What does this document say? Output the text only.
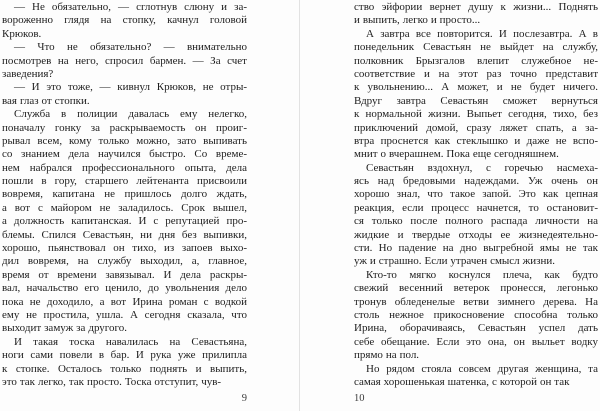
— Не обязательно, — сглотнув слюну и за-
вороженно глядя на стопку, качнул головой
Крюков.
— Что не обязательно? — внимательно
посмотрев на него, спросил бармен. — За счет
заведения?
— И это тоже, — кивнул Крюков, не отры-
вая глаз от стопки.
Служба в полиции давалась ему нелегко,
поначалу гонку за раскрываемость он проиг-
рывал всем, кому только можно, зато выпивать
со знанием дела научился быстро. Со време-
нем набрался профессионального опыта, дела
пошли в гору, старшего лейтенанта присвоили
вовремя, капитана не пришлось долго ждать,
а вот с майором не заладилось. Срок вышел,
а должность капитанская. И с репутацией про-
блемы. Спился Севастьян, ни дня без выпивки,
хорошо, пьянствовал он тихо, из запоев выхо-
дил вовремя, на службу выходил, а, главное,
время от времени завязывал. И дела раскры-
вал, начальство его ценило, до увольнения дело
пока не доходило, а вот Ирина роман с водкой
ему не простила, ушла. А сегодня сказала, что
выходит замуж за другого.
И такая тоска навалилась на Севастьяна,
ноги сами повели в бар. И рука уже прилипла
к стопке. Осталось только поднять и выпить,
это так легко, так просто. Тоска отступит, чув-
9
ство эйфории вернет душу к жизни... Поднять
и выпить, легко и просто...
А завтра все повторится. И послезавтра. А в
понедельник Севастьян не выйдет на службу,
полковник Брызгалов влепит служебное не-
соответствие и на этот раз точно представит
к увольнению... А может, и не будет ничего.
Вдруг завтра Севастьян сможет вернуться
к нормальной жизни. Выпьет сегодня, тихо, без
приключений домой, сразу ляжет спать, а за-
втра проснется как стеклышко и даже не вспо-
мнит о вчерашнем. Пока еще сегодняшнем.
Севастьян вздохнул, с горечью насмеха-
ясь над бредовыми надеждами. Уж очень он
хорошо знал, что такое запой. Это как цепная
реакция, если процесс начнется, то остановит-
ся только после полного распада личности на
жидкие и твердые отходы ее жизнедеятельно-
сти. Но падение на дно выгребной ямы не так
уж и страшно. Если утрачен смысл жизни.
Кто-то мягко коснулся плеча, как будто
свежий весенний ветерок пронесся, легонько
тронув обледенелые ветви зимнего дерева. На
столь нежное прикосновение способна только
Ирина, оборачиваясь, Севастьян успел дать
себе обещание. Если это она, он выльет водку
прямо на пол.
Но рядом стояла совсем другая женщина, та
самая хорошенькая шатенка, с которой он так
10
